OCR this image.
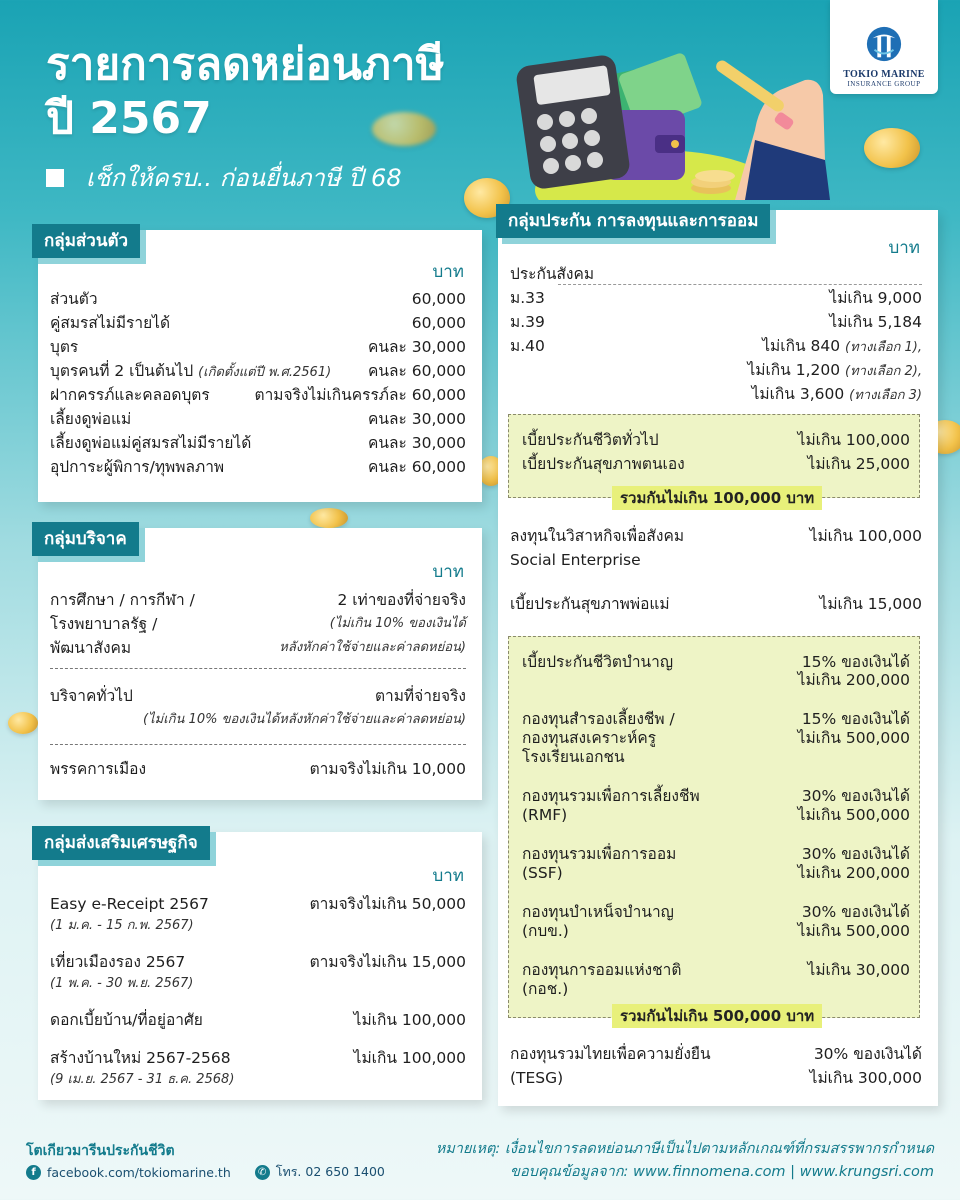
รายการลดหย่อนภาษี
ปี 2567
เช็กให้ครบ.. ก่อนยื่นภาษี ปี 68
TOKIO MARINE
INSURANCE GROUP
กลุ่มส่วนตัว
บาท
ส่วนตัว	60,000
คู่สมรสไม่มีรายได้	60,000
บุตร	คนละ 30,000
บุตรคนที่ 2 เป็นต้นไป (เกิดตั้งแต่ปี พ.ศ.2561) คนละ 60,000
ฝากครรภ์และคลอดบุตร	ตามจริงไม่เกินครรภ์ละ 60,000
เลี้ยงดูพ่อแม่	คนละ 30,000
เลี้ยงดูพ่อแม่คู่สมรสไม่มีรายได้	คนละ 30,000
อุปการะผู้พิการ/ทุพพลภาพ	คนละ 60,000
กลุ่มบริจาค
บาท
การศึกษา / การกีฬา /	2 เท่าของที่จ่ายจริง
โรงพยาบาลรัฐ /	(ไม่เกิน 10% ของเงินได้
พัฒนาสังคม	หลังหักค่าใช้จ่ายและค่าลดหย่อน)
บริจาคทั่วไป	ตามที่จ่ายจริง
(ไม่เกิน 10% ของเงินได้หลังหักค่าใช้จ่ายและค่าลดหย่อน)
พรรคการเมือง	ตามจริงไม่เกิน 10,000
กลุ่มส่งเสริมเศรษฐกิจ
บาท
Easy e-Receipt 2567	ตามจริงไม่เกิน 50,000
(1 ม.ค. - 15 ก.พ. 2567)
เที่ยวเมืองรอง 2567	ตามจริงไม่เกิน 15,000
(1 พ.ค. - 30 พ.ย. 2567)
ดอกเบี้ยบ้าน/ที่อยู่อาศัย	ไม่เกิน 100,000
สร้างบ้านใหม่ 2567-2568	ไม่เกิน 100,000
(9 เม.ย. 2567 - 31 ธ.ค. 2568)
กลุ่มประกัน การลงทุนและการออม
บาท
ประกันสังคม
ม.33	ไม่เกิน 9,000
ม.39	ไม่เกิน 5,184
ม.40	ไม่เกิน 840 (ทางเลือก 1),
ไม่เกิน 1,200 (ทางเลือก 2),
ไม่เกิน 3,600 (ทางเลือก 3)
เบี้ยประกันชีวิตทั่วไป	ไม่เกิน 100,000
เบี้ยประกันสุขภาพตนเอง	ไม่เกิน 25,000
รวมกันไม่เกิน 100,000 บาท
ลงทุนในวิสาหกิจเพื่อสังคม	ไม่เกิน 100,000
Social Enterprise
เบี้ยประกันสุขภาพพ่อแม่	ไม่เกิน 15,000
เบี้ยประกันชีวิตบำนาญ	15% ของเงินได้
ไม่เกิน 200,000
กองทุนสำรองเลี้ยงชีพ /	15% ของเงินได้
กองทุนสงเคราะห์ครู	ไม่เกิน 500,000
โรงเรียนเอกชน
กองทุนรวมเพื่อการเลี้ยงชีพ	30% ของเงินได้
(RMF)	ไม่เกิน 500,000
กองทุนรวมเพื่อการออม	30% ของเงินได้
(SSF)	ไม่เกิน 200,000
กองทุนบำเหน็จบำนาญ	30% ของเงินได้
(กบข.)	ไม่เกิน 500,000
กองทุนการออมแห่งชาติ	ไม่เกิน 30,000
(กอช.)
รวมกันไม่เกิน 500,000 บาท
กองทุนรวมไทยเพื่อความยั่งยืน	30% ของเงินได้
(TESG)	ไม่เกิน 300,000
โตเกียวมารีนประกันชีวิต
f facebook.com/tokiomarine.th	✆ โทร. 02 650 1400
หมายเหตุ: เงื่อนไขการลดหย่อนภาษีเป็นไปตามหลักเกณฑ์ที่กรมสรรพากรกำหนด
ขอบคุณข้อมูลจาก: www.finnomena.com | www.krungsri.com
